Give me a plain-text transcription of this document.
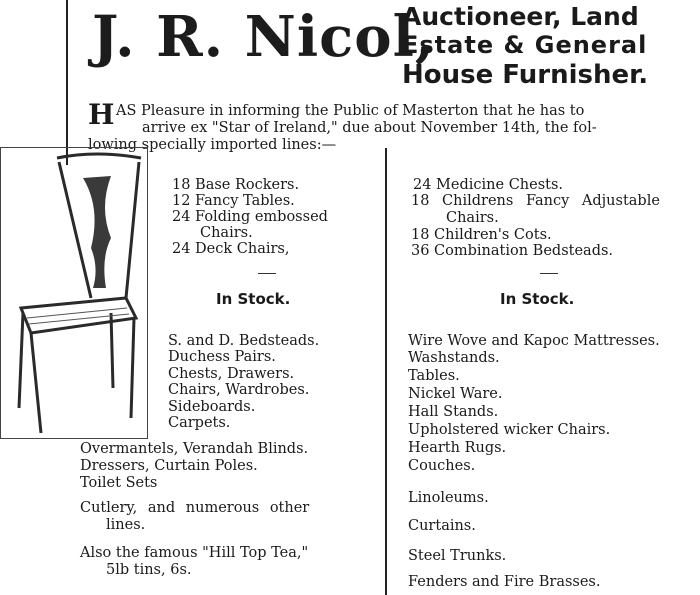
J. R. Nicol,
Auctioneer, Land
Estate & General
House Furnisher.
H AS Pleasure in informing the Public of Masterton that he has to
arrive ex "Star of Ireland," due about November 14th, the fol-
lowing specially imported lines:—
18 Base Rockers.
12 Fancy Tables.
24 Folding embossed
Chairs.
24 Deck Chairs,
In Stock.
S. and D. Bedsteads.
Duchess Pairs.
Chests, Drawers.
Chairs, Wardrobes.
Sideboards.
Carpets.
Overmantels, Verandah Blinds.
Dressers, Curtain Poles.
Toilet Sets
Cutlery, and numerous other
lines.
Also the famous "Hill Top Tea,"
5lb tins, 6s.
24 Medicine Chests.
18 Childrens Fancy Adjustable
Chairs.
18 Children's Cots.
36 Combination Bedsteads.
In Stock.
Wire Wove and Kapoc Mattresses.
Washstands.
Tables.
Nickel Ware.
Hall Stands.
Upholstered wicker Chairs.
Hearth Rugs.
Couches.
Linoleums.
Curtains.
Steel Trunks.
Fenders and Fire Brasses.
